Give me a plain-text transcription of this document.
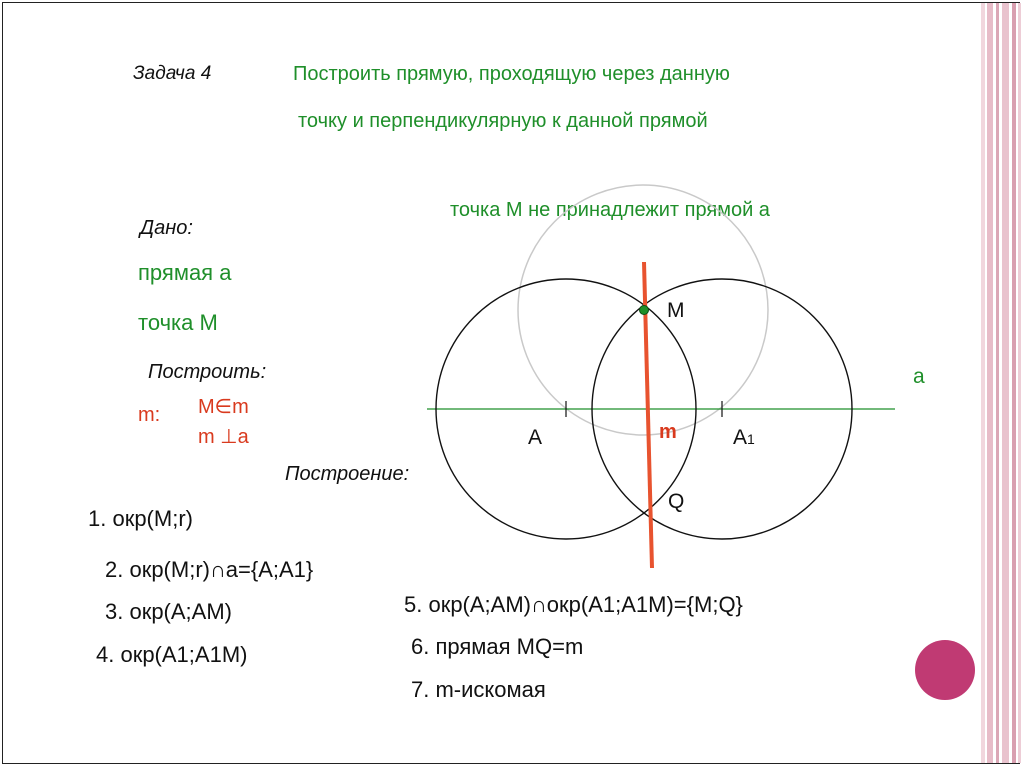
Задача 4	Построить прямую, проходящую через данную
точку и перпендикулярную к данной прямой
точка М не принадлежит прямой а
Дано:
прямая а
точка М
Построить:
m: M∈m
m ⊥a
Построение:
1. окр(М;r)
2. окр(М;r)∩а={А;А1}
3. окр(А;АМ)
4. окр(А1;А1М)
5. окр(А;АМ)∩окр(А1;А1М)={М;Q}
6. прямая MQ=m
7. m-искомая
М
а
А	А1
m
Q
